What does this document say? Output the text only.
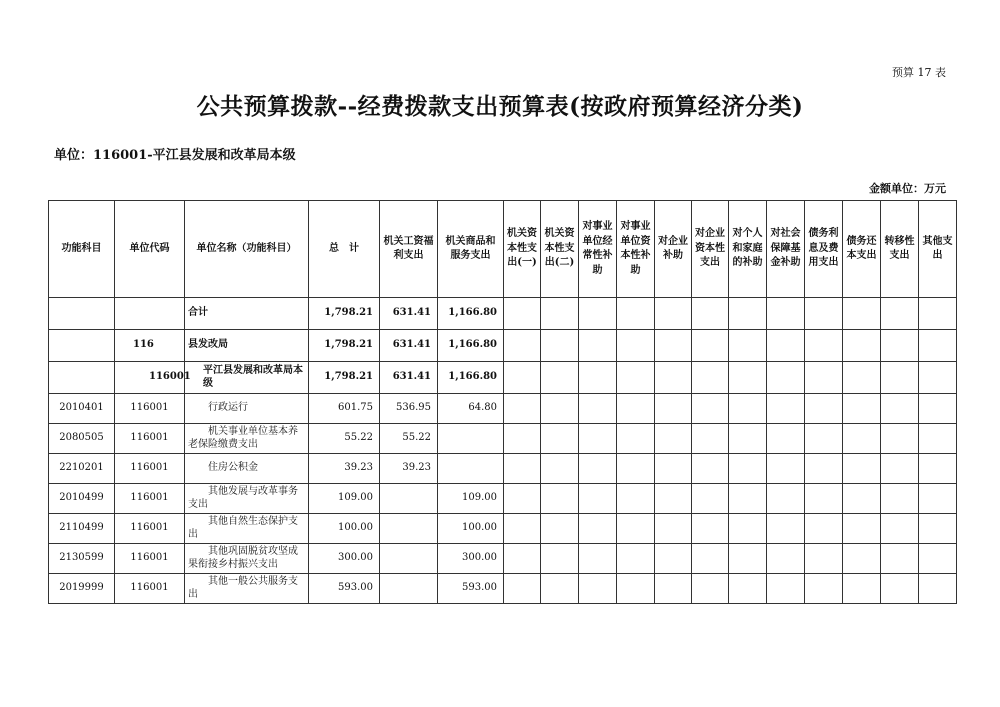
预算 17 表
公共预算拨款--经费拨款支出预算表(按政府预算经济分类)
单位：116001-平江县发展和改革局本级
金额单位：万元
功能科目	单位代码	单位名称（功能科目）	总　计	机关工资福利支出	机关商品和服务支出	机关资本性支出(一)	机关资本性支出(二)	对事业单位经常性补助	对事业单位资本性补助	对企业补助	对企业资本性支出	对个人和家庭的补助	对社会保障基金补助	债务利息及费用支出	债务还本支出	转移性支出	其他支出
		合计	1,798.21	631.41	1,166.80												
	116	县发改局	1,798.21	631.41	1,166.80												
	116001	平江县发展和改革局本级	1,798.21	631.41	1,166.80												
2010401	116001	行政运行	601.75	536.95	64.80												
2080505	116001	机关事业单位基本养老保险缴费支出	55.22	55.22													
2210201	116001	住房公积金	39.23	39.23													
2010499	116001	其他发展与改革事务支出	109.00		109.00												
2110499	116001	其他自然生态保护支出	100.00		100.00												
2130599	116001	其他巩固脱贫攻坚成果衔接乡村振兴支出	300.00		300.00												
2019999	116001	其他一般公共服务支出	593.00		593.00												
